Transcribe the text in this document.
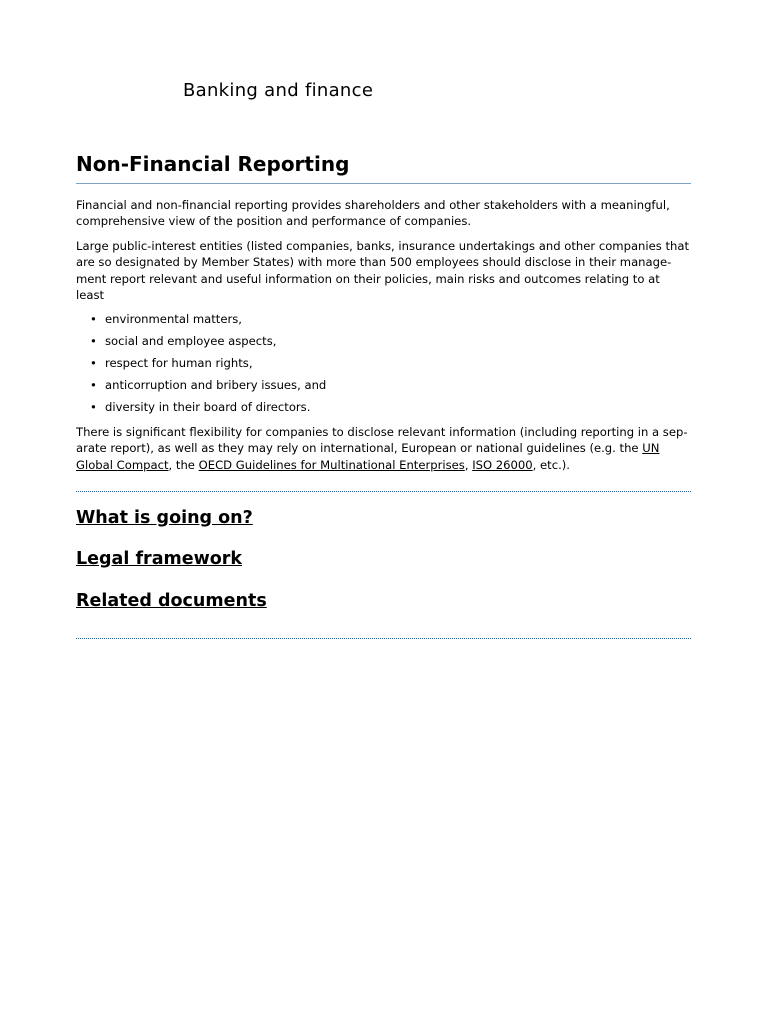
Banking and finance
Non-Financial Reporting

Financial and non-financial reporting provides shareholders and other stakeholders with a meaningful, comprehensive view of the position and performance of companies.

Large public-interest entities (listed companies, banks, insurance undertakings and other companies that are so designated by Member States) with more than 500 employees should disclose in their manage-ment report relevant and useful information on their policies, main risks and outcomes relating to at least

• environmental matters,
• social and employee aspects,
• respect for human rights,
• anticorruption and bribery issues, and
• diversity in their board of directors.

There is significant flexibility for companies to disclose relevant information (including reporting in a sep-arate report), as well as they may rely on international, European or national guidelines (e.g. the UN Global Compact, the OECD Guidelines for Multinational Enterprises, ISO 26000, etc.).

What is going on?
Legal framework
Related documents
